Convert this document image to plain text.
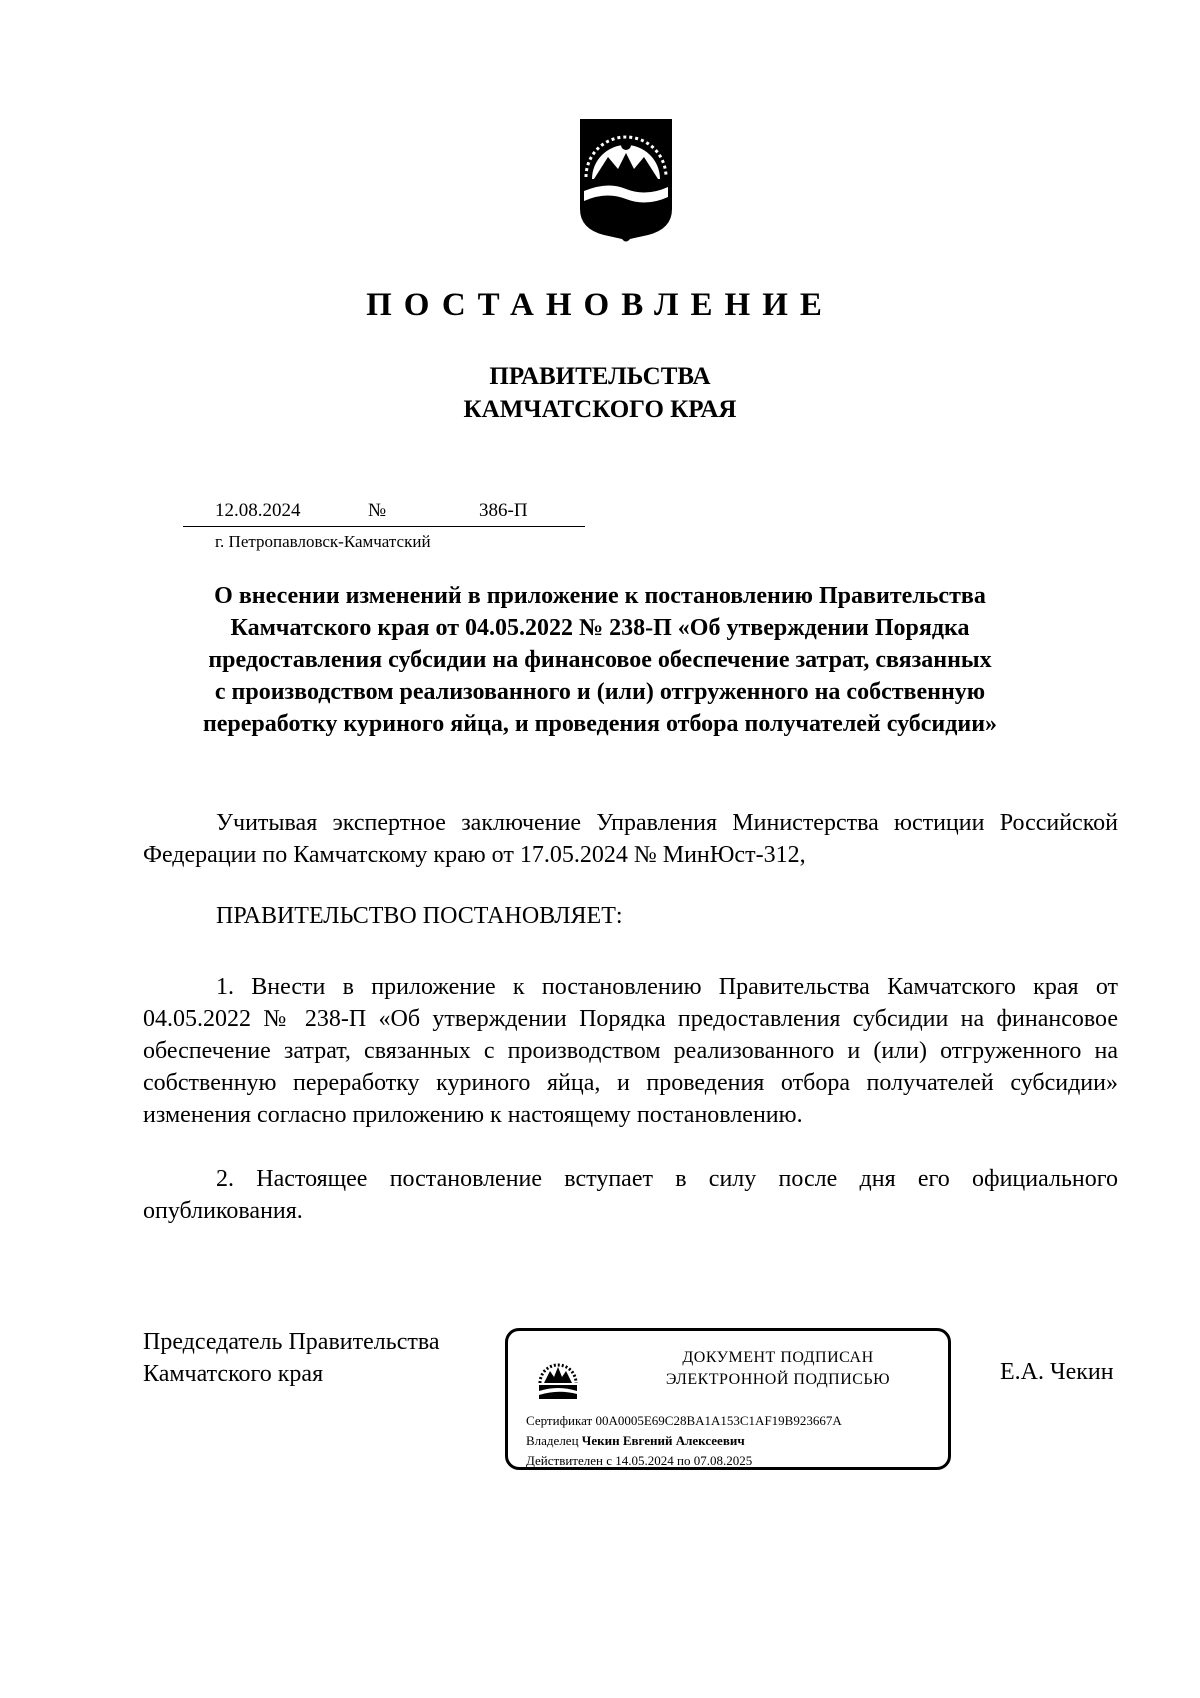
ПОСТАНОВЛЕНИЕ
ПРАВИТЕЛЬСТВА
КАМЧАТСКОГО КРАЯ
12.08.2024	№	386-П
г. Петропавловск-Камчатский
О внесении изменений в приложение к постановлению Правительства
Камчатского края от 04.05.2022 № 238-П «Об утверждении Порядка
предоставления субсидии на финансовое обеспечение затрат, связанных
с производством реализованного и (или) отгруженного на собственную
переработку куриного яйца, и проведения отбора получателей субсидии»
Учитывая экспертное заключение Управления Министерства юстиции Российской Федерации по Камчатскому краю от 17.05.2024 № МинЮст-312,
ПРАВИТЕЛЬСТВО ПОСТАНОВЛЯЕТ:
1. Внести в приложение к постановлению Правительства Камчатского края от 04.05.2022 № 238-П «Об утверждении Порядка предоставления субсидии на финансовое обеспечение затрат, связанных с производством реализованного и (или) отгруженного на собственную переработку куриного яйца, и проведения отбора получателей субсидии» изменения согласно приложению к настоящему постановлению.
2. Настоящее постановление вступает в силу после дня его официального опубликования.
Председатель Правительства
Камчатского края
ДОКУМЕНТ ПОДПИСАН
ЭЛЕКТРОННОЙ ПОДПИСЬЮ
Сертификат 00A0005E69C28BA1A153C1AF19B923667A
Владелец Чекин Евгений Алексеевич
Действителен с 14.05.2024 по 07.08.2025
Е.А. Чекин
